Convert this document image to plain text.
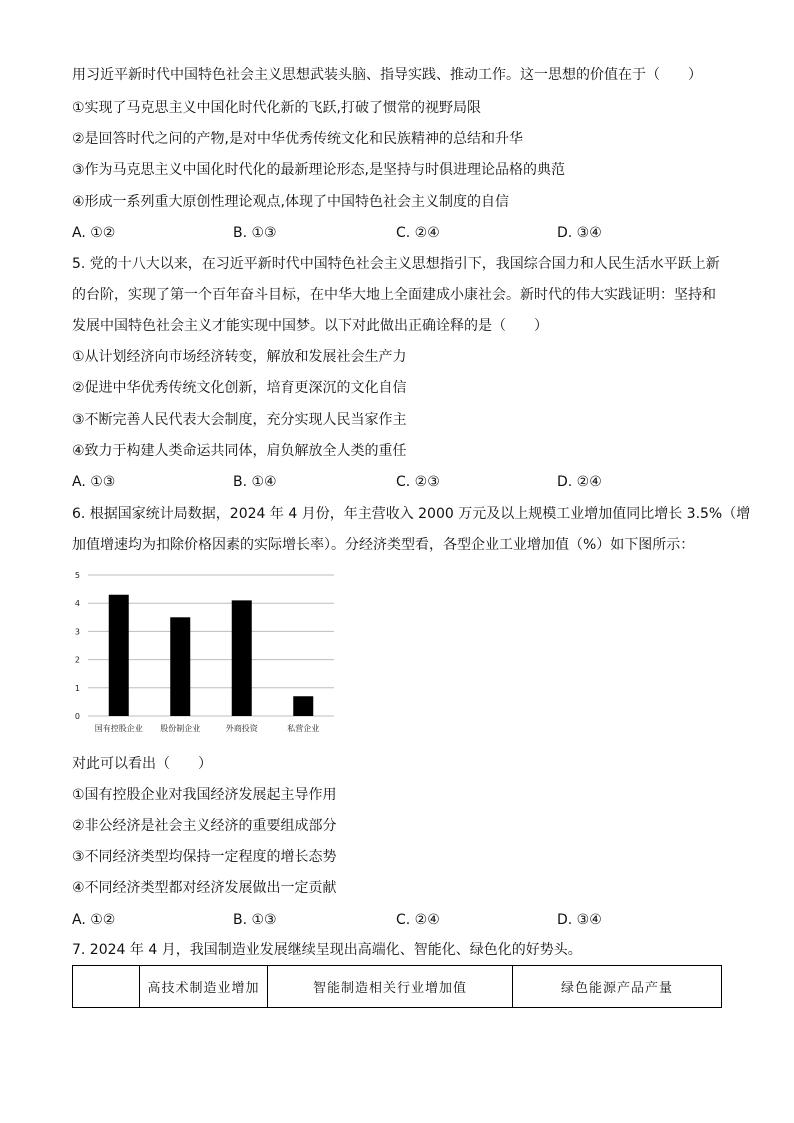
用习近平新时代中国特色社会主义思想武装头脑、指导实践、推动工作。这一思想的价值在于（　　）
①实现了马克思主义中国化时代化新的飞跃,打破了惯常的视野局限
②是回答时代之问的产物,是对中华优秀传统文化和民族精神的总结和升华
③作为马克思主义中国化时代化的最新理论形态,是坚持与时俱进理论品格的典范
④形成一系列重大原创性理论观点,体现了中国特色社会主义制度的自信
A. ①②	B. ①③	C. ②④	D. ③④
5. 党的十八大以来，在习近平新时代中国特色社会主义思想指引下，我国综合国力和人民生活水平跃上新
的台阶，实现了第一个百年奋斗目标，在中华大地上全面建成小康社会。新时代的伟大实践证明：坚持和
发展中国特色社会主义才能实现中国梦。以下对此做出正确诠释的是（　　）
①从计划经济向市场经济转变，解放和发展社会生产力
②促进中华优秀传统文化创新，培育更深沉的文化自信
③不断完善人民代表大会制度，充分实现人民当家作主
④致力于构建人类命运共同体，肩负解放全人类的重任
A. ①③	B. ①④	C. ②③	D. ②④
6. 根据国家统计局数据，2024 年 4 月份，年主营收入 2000 万元及以上规模工业增加值同比增长 3.5%（增
加值增速均为扣除价格因素的实际增长率）。分经济类型看，各型企业工业增加值（%）如下图所示：
0
1
2
3
4
5
国有控股企业 股份制企业	外商投资	私营企业
对此可以看出（　　）
①国有控股企业对我国经济发展起主导作用
②非公经济是社会主义经济的重要组成部分
③不同经济类型均保持一定程度的增长态势
④不同经济类型都对经济发展做出一定贡献
A. ①②	B. ①③	C. ②④	D. ③④
7. 2024 年 4 月，我国制造业发展继续呈现出高端化、智能化、绿色化的好势头。
	高技术制造业增加	智能制造相关行业增加值	绿色能源产品产量
